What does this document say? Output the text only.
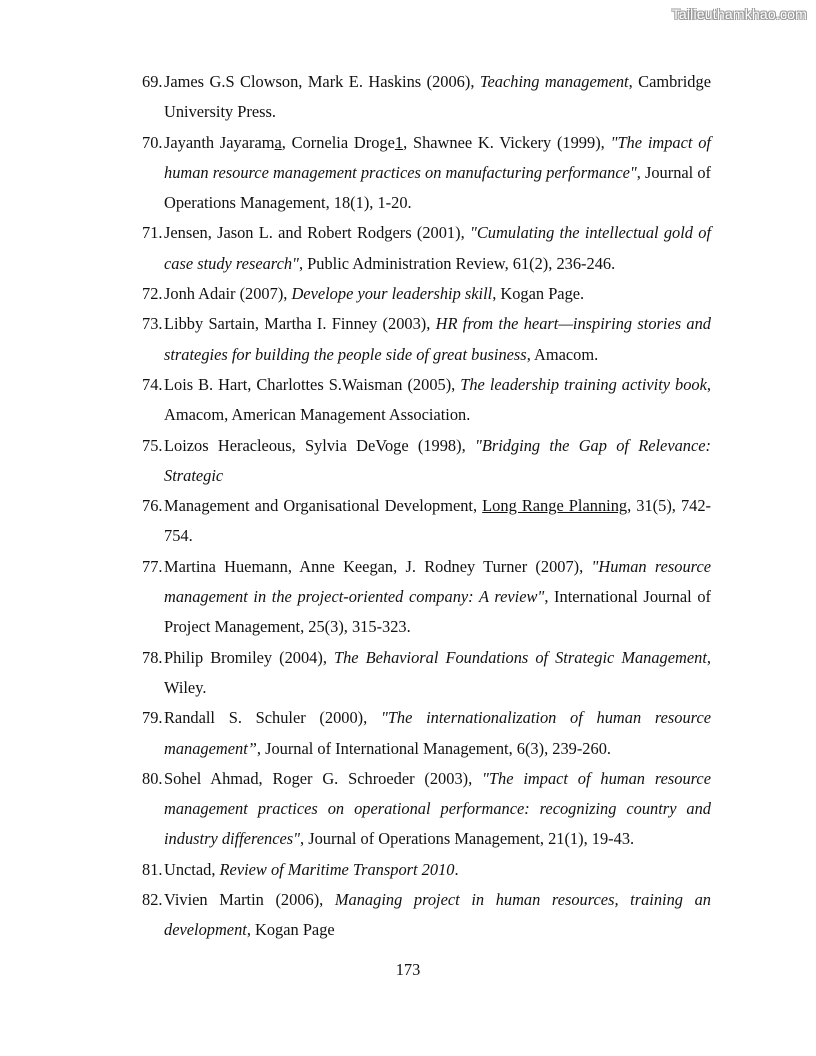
Tailieuthamkhao.com
69. James G.S Clowson, Mark E. Haskins (2006), Teaching management, Cambridge University Press.
70. Jayanth Jayarama, Cornelia Droge1, Shawnee K. Vickery (1999), "The impact of human resource management practices on manufacturing performance", Journal of Operations Management, 18(1), 1-20.
71. Jensen, Jason L. and Robert Rodgers (2001), "Cumulating the intellectual gold of case study research", Public Administration Review, 61(2), 236-246.
72. Jonh Adair (2007), Develope your leadership skill, Kogan Page.
73. Libby Sartain, Martha I. Finney (2003), HR from the heart—inspiring stories and strategies for building the people side of great business, Amacom.
74. Lois B. Hart, Charlottes S.Waisman (2005), The leadership training activity book, Amacom, American Management Association.
75. Loizos Heracleous, Sylvia DeVoge (1998), "Bridging the Gap of Relevance: Strategic
76. Management and Organisational Development, Long Range Planning, 31(5), 742-754.
77. Martina Huemann, Anne Keegan, J. Rodney Turner (2007), "Human resource management in the project-oriented company: A review", International Journal of Project Management, 25(3), 315-323.
78. Philip Bromiley (2004), The Behavioral Foundations of Strategic Management, Wiley.
79. Randall S. Schuler (2000), "The internationalization of human resource management”, Journal of International Management, 6(3), 239-260.
80. Sohel Ahmad, Roger G. Schroeder (2003), "The impact of human resource management practices on operational performance: recognizing country and industry differences", Journal of Operations Management, 21(1), 19-43.
81. Unctad, Review of Maritime Transport 2010.
82. Vivien Martin (2006), Managing project in human resources, training an development, Kogan Page
173
